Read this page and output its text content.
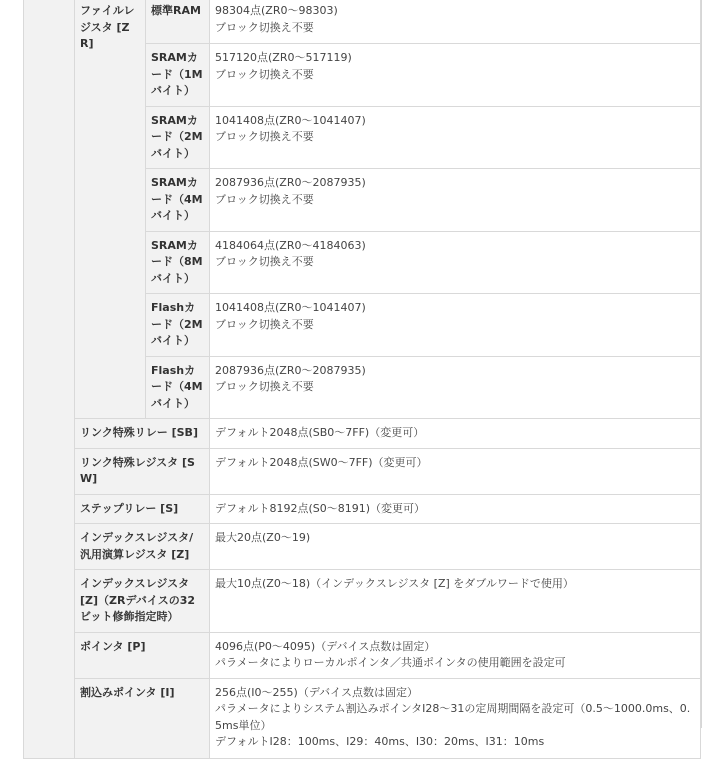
	ファイルレジスタ [Z R]	標準RAM	98304点(ZR0～98303)
ブロック切換え不要

		SRAMカード（1Mバイト）	517120点(ZR0～517119)
ブロック切換え不要

		SRAMカード（2Mバイト）	1041408点(ZR0～1041407)
ブロック切換え不要

		SRAMカード（4Mバイト）	2087936点(ZR0～2087935)
ブロック切換え不要

		SRAMカード（8Mバイト）	4184064点(ZR0～4184063)
ブロック切換え不要

		Flashカード（2Mバイト）	1041408点(ZR0～1041407)
ブロック切換え不要

		Flashカード（4Mバイト）	2087936点(ZR0～2087935)
ブロック切換え不要

	リンク特殊リレー [SB]		デフォルト2048点(SB0～7FF)（変更可）

	リンク特殊レジスタ [SW]		デフォルト2048点(SW0～7FF)（変更可）

	ステップリレー [S]		デフォルト8192点(S0～8191)（変更可）

	インデックスレジスタ/汎用演算レジスタ [Z]		最大20点(Z0～19)

	インデックスレジスタ [Z]（ZRデバイスの32ビット修飾指定時）		最大10点(Z0～18)（インデックスレジスタ [Z] をダブルワードで使用）

	ポインタ [P]		4096点(P0～4095)（デバイス点数は固定）
パラメータによりローカルポインタ／共通ポインタの使用範囲を設定可

	割込みポインタ [I]		256点(I0～255)（デバイス点数は固定）
パラメータによりシステム割込みポインタI28～31の定周期間隔を設定可（0.5～1000.0ms、0.5ms単位）
デフォルトI28：100ms、I29：40ms、I30：20ms、I31：10ms
